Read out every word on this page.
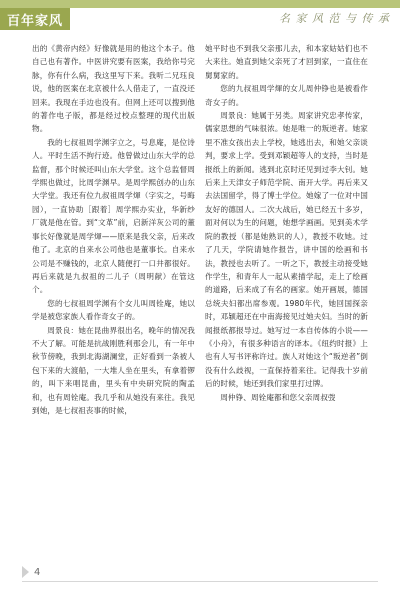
百年家风	名 家 风 范 与 传 承

出的《黄帝内经》好像就是用的他这个本子。他自己也有著作。中医讲究要有医案，我给你号完脉，你有什么病，我这里写下来。我听二兄珏良说，他的医案在北京被什么人借走了，一直没还回来。我现在手边也没有。但网上还可以搜到他的著作电子版，都是经过校点整理的现代出版物。

我的七叔祖周学渊字立之，号息庵，是位诗人。平时生活不拘行迹。他曾做过山东大学的总监督，那个时候还叫山东大学堂。这个总监督周学熙也做过，比周学渊早。是周学熙创办的山东大学堂。我还有位九叔祖周学煇（字实之，号晦园），一直协助［跟着］周学熙办实业，华新纱厂就是他在管。到“文革”前，启新洋灰公司的董事长好像就是周学煇——原来是我父亲，后来改他了。北京的自来水公司他也是董事长。自来水公司是不赚钱的，北京人随便打一口井都很好。再后来就是九叔祖的二儿子（周明献）在管这个。

您的七叔祖周学渊有个女儿叫周铨庵，她以学是被您家族人看作奇女子的。

周景良：她在昆曲界很出名，晚年的情况我不大了解。可能是抗战刚胜利那会儿，有一年中秋节傍晚，我到北海湖澜堂，正好看到一条被人包下来的大渡船，一大堆人坐在里头，有拿着锣的，叫下来唱昆曲，里头有中央研究院的陶孟和，也有周铨庵。我几乎和从她没有来往。我见到她，是七叔祖丧事的时候，

她平时也不到我父亲那儿去，和本家姑姑们也不大来往。她直到她父亲死了才回到家，一直住在舅舅家的。

您的九叔祖周学煇的女儿周仲铮也是被看作奇女子的。

周景良：她属于另类。周家讲究忠孝传家，儒家思想的气味很浓。她是唯一的叛逆者。她家里不准女孩出去上学校，她逃出去，和她父亲谈判，要求上学。受到邓颖超等人的支持，当时是报纸上的新闻。逃到北京时还见到过李大钊。她后来上天津女子师范学院、南开大学。再后来又去法国留学，得了博士学位。她嫁了一位对中国友好的德国人。二次大战后，她已经五十多岁，面对何以为生的问题，她想学画画。见到美术学院的教授（都是她熟识的人），教授不收她。过了几天，学院请她作报告，讲中国的绘画和书法，教授也去听了。一听之下，教授主动接受她作学生，和青年人一起从素描学起，走上了绘画的道路，后来成了有名的画家。她开画展，德国总统夫妇都出席参观。1980年代，她回国探亲时，邓颖超还在中南海接见过她夫妇。当时的新闻报纸都报导过。她写过一本自传体的小说——《小舟》，有很多种语言的译本。《纽约时报》上也有人写书评称许过。族人对她这个“叛逆者”倒没有什么歧视，一直保持着来往。记得我十岁前后的时候，她还到我们家里打过牌。

周仲铮、周铨庵都和您父亲周叔弢

4
